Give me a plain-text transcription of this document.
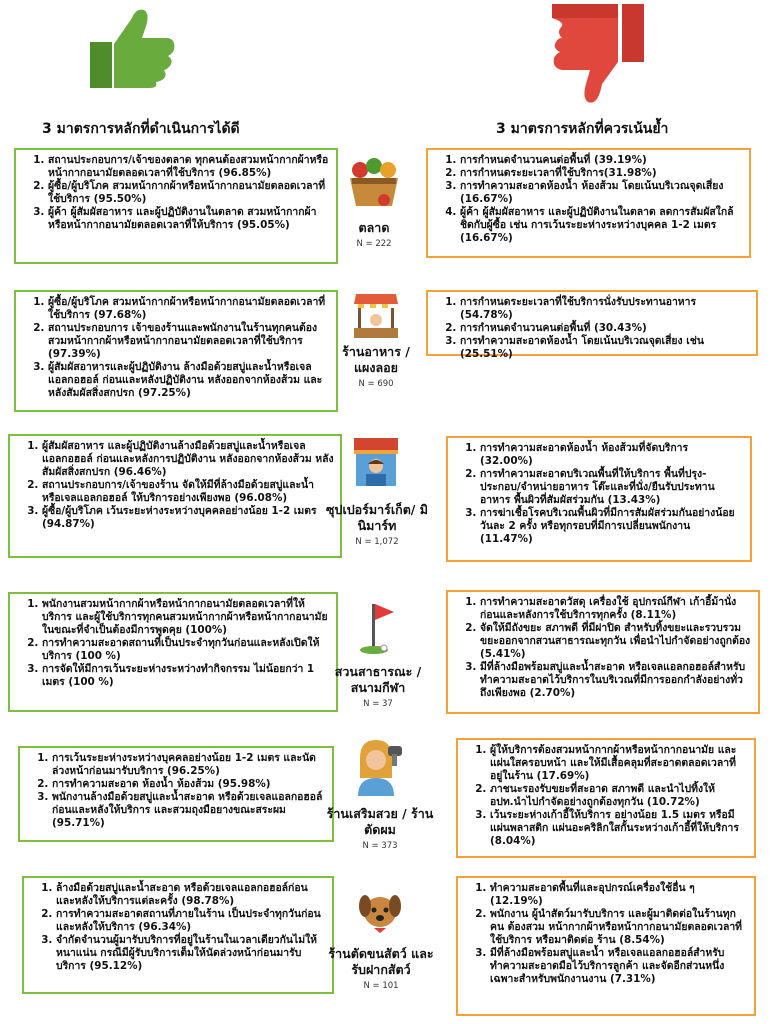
3 มาตรการหลักที่ดำเนินการได้ดี	3 มาตรการหลักที่ควรเน้นย้ำ
1. สถานประกอบการ/เจ้าของตลาด ทุกคนต้องสวมหน้ากากผ้าหรือหน้ากากอนามัยตลอดเวลาที่ใช้บริการ (96.85%)
2. ผู้ซื้อ/ผู้บริโภค สวมหน้ากากผ้าหรือหน้ากากอนามัยตลอดเวลาที่ใช้บริการ (95.50%)
3. ผู้ค้า ผู้สัมผัสอาหาร และผู้ปฏิบัติงานในตลาด สวมหน้ากากผ้าหรือหน้ากากอนามัยตลอดเวลาที่ให้บริการ (95.05%)	ตลาด
N = 222
1. การกำหนดจำนวนคนต่อพื้นที่ (39.19%)
2. การกำหนดระยะเวลาที่ใช้บริการ(31.98%)
3. การทำความสะอาดห้องน้ำ ห้องส้วม โดยเน้นบริเวณจุดเสี่ยง (16.67%)
4. ผู้ค้า ผู้สัมผัสอาหาร และผู้ปฏิบัติงานในตลาด ลดการสัมผัสใกล้ชิดกับผู้ซื้อ เช่น การเว้นระยะห่างระหว่างบุคคล 1-2 เมตร (16.67%)
1. ผู้ซื้อ/ผู้บริโภค สวมหน้ากากผ้าหรือหน้ากากอนามัยตลอดเวลาที่ใช้บริการ (97.68%)
2. สถานประกอบการ เจ้าของร้านและพนักงานในร้านทุกคนต้องสวมหน้ากากผ้าหรือหน้ากากอนามัยตลอดเวลาที่ใช้บริการ (97.39%)
3. ผู้สัมผัสอาหารและผู้ปฏิบัติงาน ล้างมือด้วยสบู่และน้ำหรือเจลแอลกอฮอล์ ก่อนและหลังปฏิบัติงาน หลังออกจากห้องส้วม และหลังสัมผัสสิ่งสกปรก (97.25%)
ร้านอาหาร /แผงลอย
N = 690
1. การกำหนดระยะเวลาที่ใช้บริการนั่งรับประทานอาหาร (54.78%)
2. การกำหนดจำนวนคนต่อพื้นที่ (30.43%)
3. การทำความสะอาดห้องน้ำ โดยเน้นบริเวณจุดเสี่ยง เช่น (25.51%)
1. ผู้สัมผัสอาหาร และผู้ปฏิบัติงานล้างมือด้วยสบู่และน้ำหรือเจลแอลกอฮอล์ ก่อนและหลังการปฏิบัติงาน หลังออกจากห้องส้วม หลังสัมผัสสิ่งสกปรก (96.46%)
2. สถานประกอบการ/เจ้าของร้าน จัดให้มีที่ล้างมือด้วยสบู่และน้ำ หรือเจลแอลกอฮอล์ ให้บริการอย่างเพียงพอ (96.08%)
3. ผู้ซื้อ/ผู้บริโภค เว้นระยะห่างระหว่างบุคคลอย่างน้อย 1-2 เมตร (94.87%)
ซุปเปอร์มาร์เก็ต/ มินิมาร์ท
N = 1,072
1. การทำความสะอาดห้องน้ำ ห้องส้วมที่จัดบริการ (32.00%)
2. การทำความสะอาดบริเวณพื้นที่ให้บริการ พื้นที่ปรุง-ประกอบ/จำหน่ายอาหาร โต๊ะและที่นั่ง/ยืนรับประทานอาหาร พื้นผิวที่สัมผัสร่วมกัน (13.43%)
3. การฆ่าเชื้อโรคบริเวณพื้นผิวที่มีการสัมผัสร่วมกันอย่างน้อยวันละ 2 ครั้ง หรือทุกรอบที่มีการเปลี่ยนพนักงาน (11.47%)
1. พนักงานสวมหน้ากากผ้าหรือหน้ากากอนามัยตลอดเวลาที่ให้บริการ และผู้ใช้บริการทุกคนสวมหน้ากากผ้าหรือหน้ากากอนามัยในขณะที่จำเป็นต้องมีการพูดคุย (100%)
2. การทำความสะอาดสถานที่เป็นประจำทุกวันก่อนและหลังเปิดให้บริการ (100 %)
3. การจัดให้มีการเว้นระยะห่างระหว่างทำกิจกรรม ไม่น้อยกว่า 1 เมตร (100 %)
สวนสาธารณะ /สนามกีฬา
N = 37
1. การทำความสะอาดวัสดุ เครื่องใช้ อุปกรณ์กีฬา เก้าอี้ม้านั่ง ก่อนและหลังการใช้บริการทุกครั้ง (8.11%)
2. จัดให้มีถังขยะ สภาพดี ที่มีฝาปิด สำหรับทิ้งขยะและรวบรวมขยะออกจากสวนสาธารณะทุกวัน เพื่อนำไปกำจัดอย่างถูกต้อง (5.41%)
3. มีที่ล้างมือพร้อมสบู่และน้ำสะอาด หรือเจลแอลกอฮอล์สำหรับทำความสะอาดไว้บริการในบริเวณที่มีการออกกำลังอย่างทั่วถึงเพียงพอ (2.70%)
1. การเว้นระยะห่างระหว่างบุคคลอย่างน้อย 1-2 เมตร และนัดล่วงหน้าก่อนมารับบริการ (96.25%)
2. การทำความสะอาด ห้องน้ำ ห้องส้วม (95.98%)
3. พนักงานล้างมือด้วยสบู่และน้ำสะอาด หรือด้วยเจลแอลกอฮอล์ ก่อนและหลังให้บริการ และสวมถุงมือยางขณะสระผม (95.71%)
ร้านเสริมสวย / ร้านตัดผม
N = 373
1. ผู้ให้บริการต้องสวมหน้ากากผ้าหรือหน้ากากอนามัย และแผ่นใสครอบหน้า และให้มีเสื้อคลุมที่สะอาดตลอดเวลาที่อยู่ในร้าน (17.69%)
2. ภาชนะรองรับขยะที่สะอาด สภาพดี และนำไปทิ้งให้อปท.นำไปกำจัดอย่างถูกต้องทุกวัน (10.72%)
3. เว้นระยะห่างเก้าอี้ให้บริการ อย่างน้อย 1.5 เมตร หรือมีแผ่นพลาสติก แผ่นอะคริลิกใสกั้นระหว่างเก้าอี้ที่ให้บริการ (8.04%)
1. ล้างมือด้วยสบู่และน้ำสะอาด หรือด้วยเจลแอลกอฮอล์ก่อนและหลังให้บริการแต่ละครั้ง (98.78%)
2. การทำความสะอาดสถานที่ภายในร้าน เป็นประจำทุกวันก่อนและหลังให้บริการ (96.34%)
3. จำกัดจำนวนผู้มารับบริการที่อยู่ในร้านในเวลาเดียวกันไม่ให้หนาแน่น กรณีมีผู้รับบริการเต็มให้นัดล่วงหน้าก่อนมารับบริการ (95.12%)
ร้านตัดขนสัตว์ และรับฝากสัตว์
N = 101
1. ทำความสะอาดพื้นที่และอุปกรณ์เครื่องใช้อื่น ๆ (12.19%)
2. พนักงาน ผู้นำสัตว์มารับบริการ และผู้มาติดต่อในร้านทุกคน ต้องสวม หน้ากากผ้าหรือหน้ากากอนามัยตลอดเวลาที่ใช้บริการ หรือมาติดต่อ ร้าน (8.54%)
3. มีที่ล้างมือพร้อมสบู่และน้ำ หรือเจลแอลกอฮอล์สำหรับทำความสะอาดมือไว้บริการลูกค้า และจัดอีกส่วนหนึ่งเฉพาะสำหรับพนักงานงาน (7.31%)
